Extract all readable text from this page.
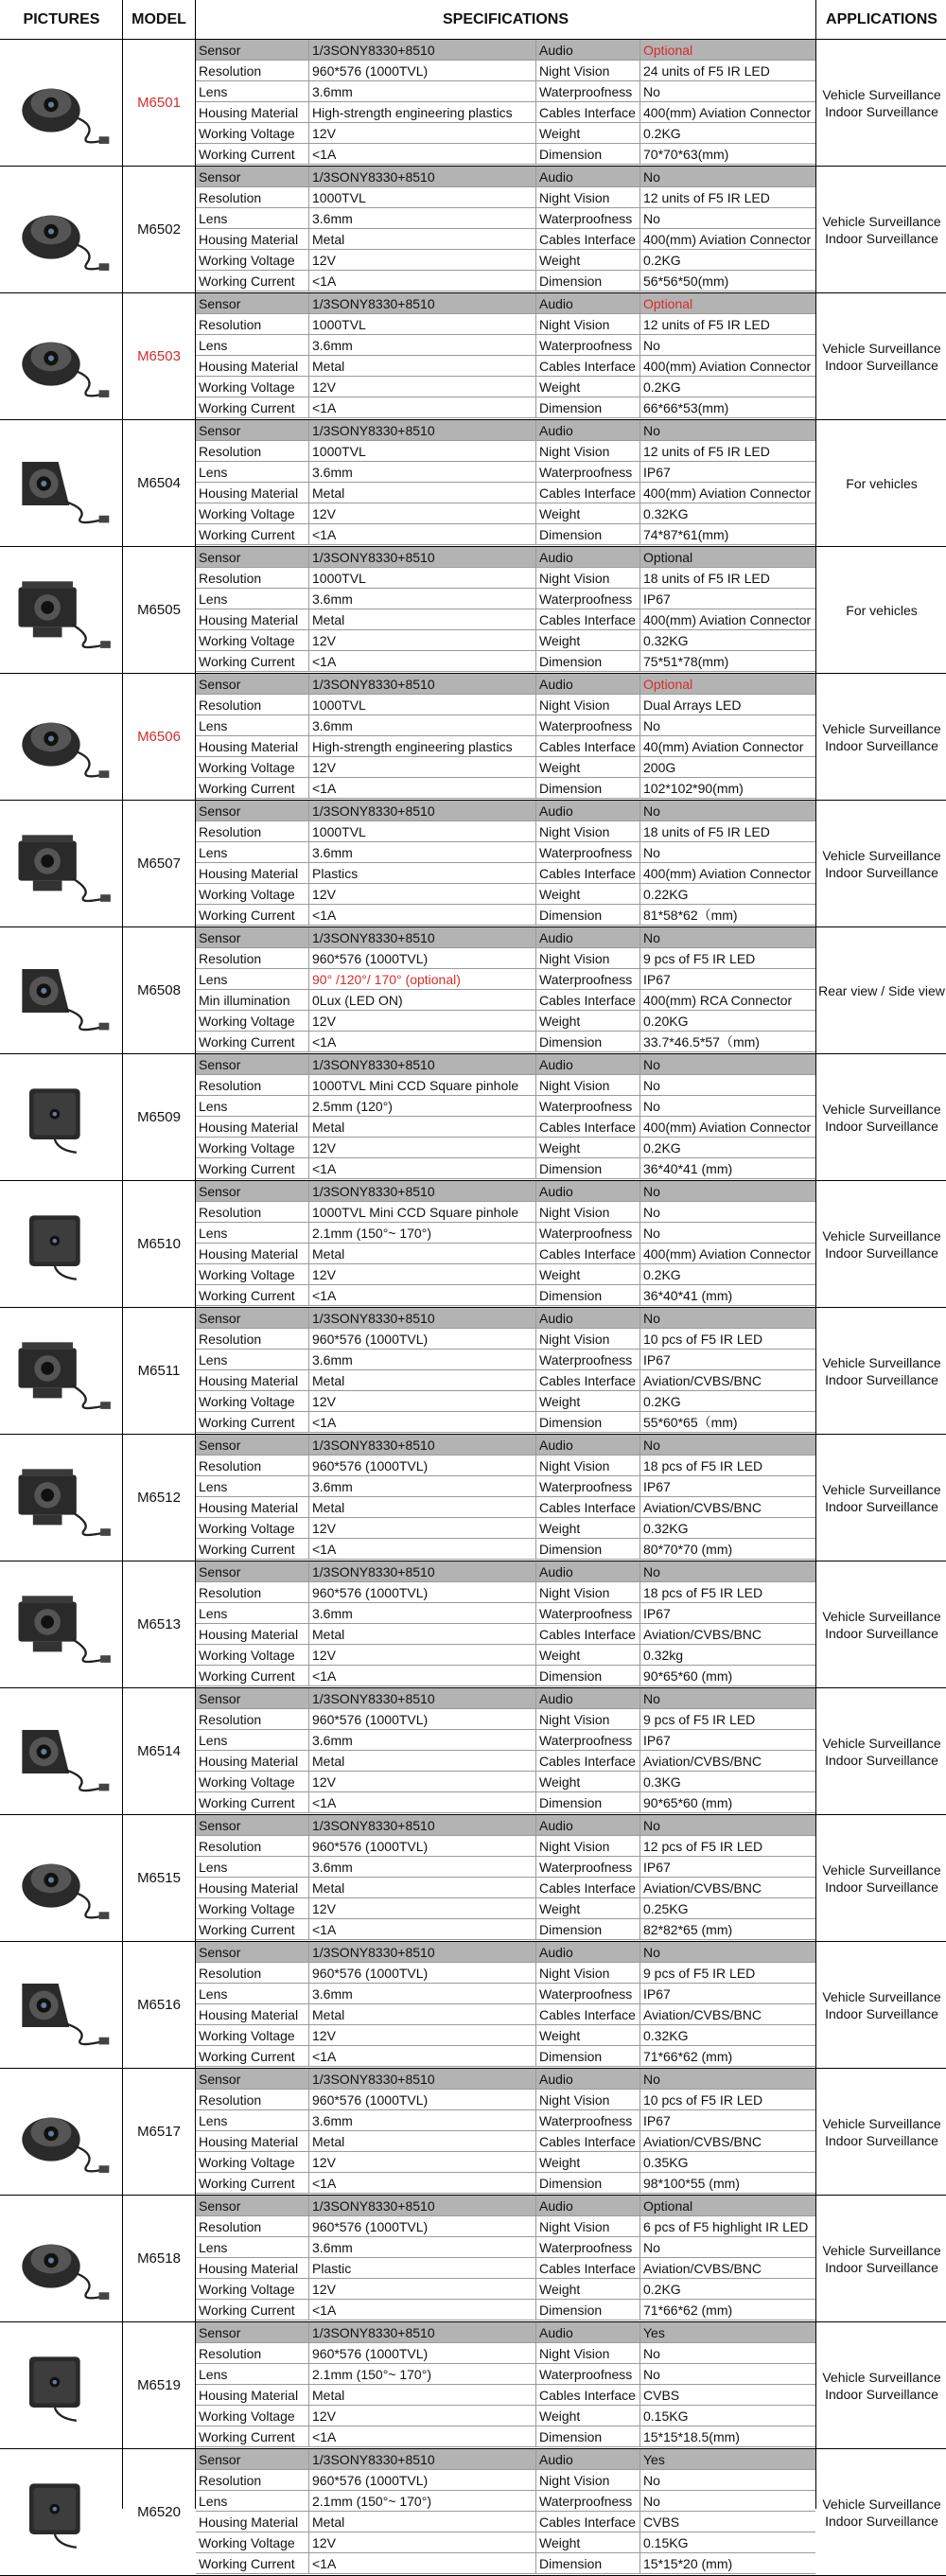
PICTURES	MODEL	SPECIFICATIONS	APPLICATIONS
M6501
Sensor	1/3SONY8330+8510	Audio	Optional
Resolution	960*576 (1000TVL)	Night Vision	24 units of F5 IR LED
Lens	3.6mm	Waterproofness No
Housing Material	High-strength engineering plastics	Cables Interface 400(mm) Aviation Connector
Working Voltage	12V	Weight	0.2KG
Working Current	<1A	Dimension	70*70*63(mm)
Vehicle Surveillance
Indoor Surveillance
M6502
Sensor	1/3SONY8330+8510	Audio	No
Resolution	1000TVL	Night Vision	12 units of F5 IR LED
Lens	3.6mm	Waterproofness No
Housing Material	Metal	Cables Interface 400(mm) Aviation Connector
Working Voltage	12V	Weight	0.2KG
Working Current	<1A	Dimension	56*56*50(mm)
Vehicle Surveillance
Indoor Surveillance
M6503
Sensor	1/3SONY8330+8510	Audio	Optional
Resolution	1000TVL	Night Vision	12 units of F5 IR LED
Lens	3.6mm	Waterproofness No
Housing Material	Metal	Cables Interface 400(mm) Aviation Connector
Working Voltage	12V	Weight	0.2KG
Working Current	<1A	Dimension	66*66*53(mm)
Vehicle Surveillance
Indoor Surveillance
M6504
Sensor	1/3SONY8330+8510	Audio	No
Resolution	1000TVL	Night Vision	12 units of F5 IR LED
Lens	3.6mm	Waterproofness IP67
Housing Material	Metal	Cables Interface 400(mm) Aviation Connector
Working Voltage	12V	Weight	0.32KG
Working Current	<1A	Dimension	74*87*61(mm)
For vehicles
M6505
Sensor	1/3SONY8330+8510	Audio	Optional
Resolution	1000TVL	Night Vision	18 units of F5 IR LED
Lens	3.6mm	Waterproofness IP67
Housing Material	Metal	Cables Interface 400(mm) Aviation Connector
Working Voltage	12V	Weight	0.32KG
Working Current	<1A	Dimension	75*51*78(mm)
For vehicles
M6506
Sensor	1/3SONY8330+8510	Audio	Optional
Resolution	1000TVL	Night Vision	Dual Arrays LED
Lens	3.6mm	Waterproofness No
Housing Material	High-strength engineering plastics	Cables Interface 40(mm) Aviation Connector
Working Voltage	12V	Weight	200G
Working Current	<1A	Dimension	102*102*90(mm)
Vehicle Surveillance
Indoor Surveillance
M6507
Sensor	1/3SONY8330+8510	Audio	No
Resolution	1000TVL	Night Vision	18 units of F5 IR LED
Lens	3.6mm	Waterproofness No
Housing Material	Plastics	Cables Interface 400(mm) Aviation Connector
Working Voltage	12V	Weight	0.22KG
Working Current	<1A	Dimension	81*58*62（mm)
Vehicle Surveillance
Indoor Surveillance
M6508
Sensor	1/3SONY8330+8510	Audio	No
Resolution	960*576 (1000TVL)	Night Vision	9 pcs of F5 IR LED
Lens	90° /120°/ 170° (optional)	Waterproofness IP67
Min illumination	0Lux (LED ON)	Cables Interface 400(mm) RCA Connector
Working Voltage	12V	Weight	0.20KG
Working Current	<1A	Dimension	33.7*46.5*57（mm)
Rear view / Side view
M6509
Sensor	1/3SONY8330+8510	Audio	No
Resolution	1000TVL Mini CCD Square pinhole	Night Vision	No
Lens	2.5mm (120°)	Waterproofness No
Housing Material	Metal	Cables Interface 400(mm) Aviation Connector
Working Voltage	12V	Weight	0.2KG
Working Current	<1A	Dimension	36*40*41 (mm)
Vehicle Surveillance
Indoor Surveillance
M6510
Sensor	1/3SONY8330+8510	Audio	No
Resolution	1000TVL Mini CCD Square pinhole	Night Vision	No
Lens	2.1mm (150°~ 170°)	Waterproofness No
Housing Material	Metal	Cables Interface 400(mm) Aviation Connector
Working Voltage	12V	Weight	0.2KG
Working Current	<1A	Dimension	36*40*41 (mm)
Vehicle Surveillance
Indoor Surveillance
M6511
Sensor	1/3SONY8330+8510	Audio	No
Resolution	960*576 (1000TVL)	Night Vision	10 pcs of F5 IR LED
Lens	3.6mm	Waterproofness IP67
Housing Material	Metal	Cables Interface Aviation/CVBS/BNC
Working Voltage	12V	Weight	0.2KG
Working Current	<1A	Dimension	55*60*65（mm)
Vehicle Surveillance
Indoor Surveillance
M6512
Sensor	1/3SONY8330+8510	Audio	No
Resolution	960*576 (1000TVL)	Night Vision	18 pcs of F5 IR LED
Lens	3.6mm	Waterproofness IP67
Housing Material	Metal	Cables Interface Aviation/CVBS/BNC
Working Voltage	12V	Weight	0.32KG
Working Current	<1A	Dimension	80*70*70 (mm)
Vehicle Surveillance
Indoor Surveillance
M6513
Sensor	1/3SONY8330+8510	Audio	No
Resolution	960*576 (1000TVL)	Night Vision	18 pcs of F5 IR LED
Lens	3.6mm	Waterproofness IP67
Housing Material	Metal	Cables Interface Aviation/CVBS/BNC
Working Voltage	12V	Weight	0.32kg
Working Current	<1A	Dimension	90*65*60 (mm)
Vehicle Surveillance
Indoor Surveillance
M6514
Sensor	1/3SONY8330+8510	Audio	No
Resolution	960*576 (1000TVL)	Night Vision	9 pcs of F5 IR LED
Lens	3.6mm	Waterproofness IP67
Housing Material	Metal	Cables Interface Aviation/CVBS/BNC
Working Voltage	12V	Weight	0.3KG
Working Current	<1A	Dimension	90*65*60 (mm)
Vehicle Surveillance
Indoor Surveillance
M6515
Sensor	1/3SONY8330+8510	Audio	No
Resolution	960*576 (1000TVL)	Night Vision	12 pcs of F5 IR LED
Lens	3.6mm	Waterproofness IP67
Housing Material	Metal	Cables Interface Aviation/CVBS/BNC
Working Voltage	12V	Weight	0.25KG
Working Current	<1A	Dimension	82*82*65 (mm)
Vehicle Surveillance
Indoor Surveillance
M6516
Sensor	1/3SONY8330+8510	Audio	No
Resolution	960*576 (1000TVL)	Night Vision	9 pcs of F5 IR LED
Lens	3.6mm	Waterproofness IP67
Housing Material	Metal	Cables Interface Aviation/CVBS/BNC
Working Voltage	12V	Weight	0.32KG
Working Current	<1A	Dimension	71*66*62 (mm)
Vehicle Surveillance
Indoor Surveillance
M6517
Sensor	1/3SONY8330+8510	Audio	No
Resolution	960*576 (1000TVL)	Night Vision	10 pcs of F5 IR LED
Lens	3.6mm	Waterproofness IP67
Housing Material	Metal	Cables Interface Aviation/CVBS/BNC
Working Voltage	12V	Weight	0.35KG
Working Current	<1A	Dimension	98*100*55 (mm)
Vehicle Surveillance
Indoor Surveillance
M6518
Sensor	1/3SONY8330+8510	Audio	Optional
Resolution	960*576 (1000TVL)	Night Vision	6 pcs of F5 highlight IR LED
Lens	3.6mm	Waterproofness No
Housing Material	Plastic	Cables Interface Aviation/CVBS/BNC
Working Voltage	12V	Weight	0.2KG
Working Current	<1A	Dimension	71*66*62 (mm)
Vehicle Surveillance
Indoor Surveillance
M6519
Sensor	1/3SONY8330+8510	Audio	Yes
Resolution	960*576 (1000TVL)	Night Vision	No
Lens	2.1mm (150°~ 170°)	Waterproofness No
Housing Material	Metal	Cables Interface CVBS
Working Voltage	12V	Weight	0.15KG
Working Current	<1A	Dimension	15*15*18.5(mm)
Vehicle Surveillance
Indoor Surveillance
M6520
Sensor	1/3SONY8330+8510	Audio	Yes
Resolution	960*576 (1000TVL)	Night Vision	No
Lens	2.1mm (150°~ 170°)	Waterproofness No
Housing Material	Metal	Cables Interface CVBS
Working Voltage	12V	Weight	0.15KG
Working Current	<1A	Dimension	15*15*20 (mm)
Vehicle Surveillance
Indoor Surveillance
